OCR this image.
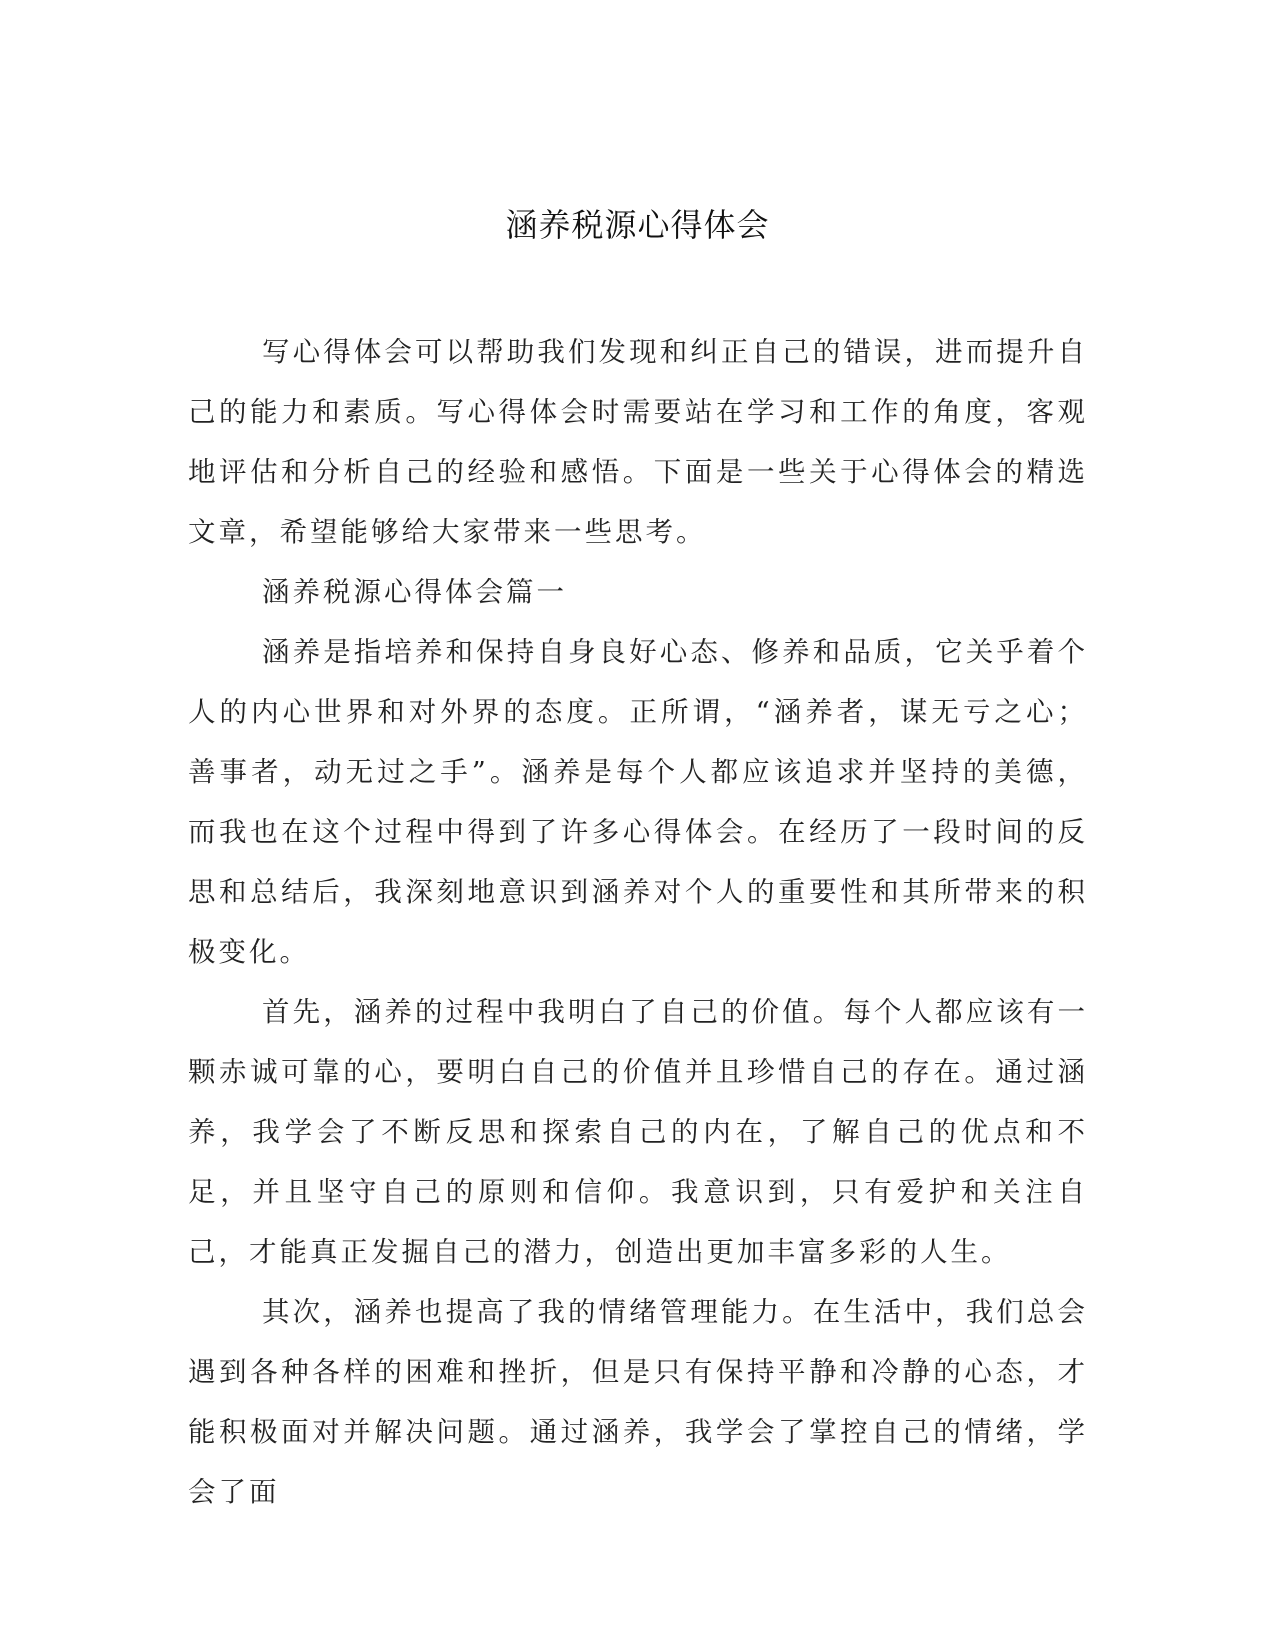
涵养税源心得体会

写心得体会可以帮助我们发现和纠正自己的错误，进而提升自己的能力和素质。写心得体会时需要站在学习和工作的角度，客观地评估和分析自己的经验和感悟。下面是一些关于心得体会的精选文章，希望能够给大家带来一些思考。

涵养税源心得体会篇一

涵养是指培养和保持自身良好心态、修养和品质，它关乎着个人的内心世界和对外界的态度。正所谓，“涵养者，谋无亏之心；善事者，动无过之手”。涵养是每个人都应该追求并坚持的美德，而我也在这个过程中得到了许多心得体会。在经历了一段时间的反思和总结后，我深刻地意识到涵养对个人的重要性和其所带来的积极变化。

首先，涵养的过程中我明白了自己的价值。每个人都应该有一颗赤诚可靠的心，要明白自己的价值并且珍惜自己的存在。通过涵养，我学会了不断反思和探索自己的内在，了解自己的优点和不足，并且坚守自己的原则和信仰。我意识到，只有爱护和关注自己，才能真正发掘自己的潜力，创造出更加丰富多彩的人生。

其次，涵养也提高了我的情绪管理能力。在生活中，我们总会遇到各种各样的困难和挫折，但是只有保持平静和冷静的心态，才能积极面对并解决问题。通过涵养，我学会了掌控自己的情绪，学会了面
